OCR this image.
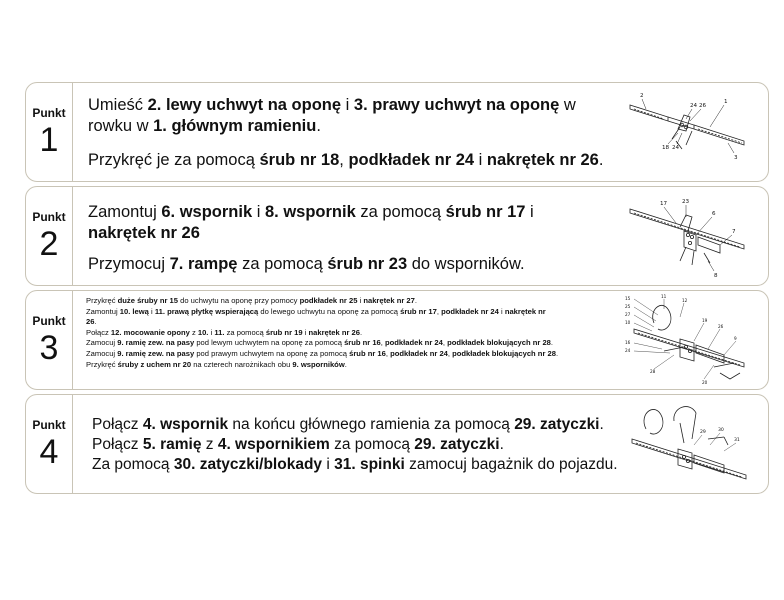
Punkt
1

Umieść 2. lewy uchwyt na oponę i 3. prawy uchwyt na oponę w rowku w 1. głównym ramieniu.

Przykręć je za pomocą śrub nr 18, podkładek nr 24 i nakrętek nr 26.

2
24 26
1
18 24
3
Punkt
2

Zamontuj 6. wspornik i 8. wspornik za pomocą śrub nr 17 i nakrętek nr 26

Przymocuj 7. rampę za pomocą śrub nr 23 do wsporników.

17	23
6
7
8
Punkt
3

Przykręć duże śruby nr 15 do uchwytu na oponę przy pomocy podkładek nr 25 i nakrętek nr 27.

Zamontuj 10. lewą i 11. prawą płytkę wspierającą do lewego uchwytu na oponę za pomocą śrub nr 17, podkładek nr 24 i nakrętek nr 26.

Połącz 12. mocowanie opony z 10. i 11. za pomocą śrub nr 19 i nakrętek nr 26.

Zamocuj 9. ramię zew. na pasy pod lewym uchwytem na oponę za pomocą śrub nr 16, podkładek nr 24, podkładek blokujących nr 28.

Zamocuj 9. ramię zew. na pasy pod prawym uchwytem na oponę za pomocą śrub nr 16, podkładek nr 24, podkładek blokujących nr 28.

Przykręć śruby z uchem nr 20 na czterech narożnikach obu 9. wsporników.

15
25
27
10
11
12
19
26
9
16
24
28
20
Punkt
4

Połącz 4. wspornik na końcu głównego ramienia za pomocą 29. zatyczki.

Połącz 5. ramię z 4. wspornikiem za pomocą 29. zatyczki.

Za pomocą 30. zatyczki/blokady i 31. spinki zamocuj bagażnik do pojazdu.

29	30
31
